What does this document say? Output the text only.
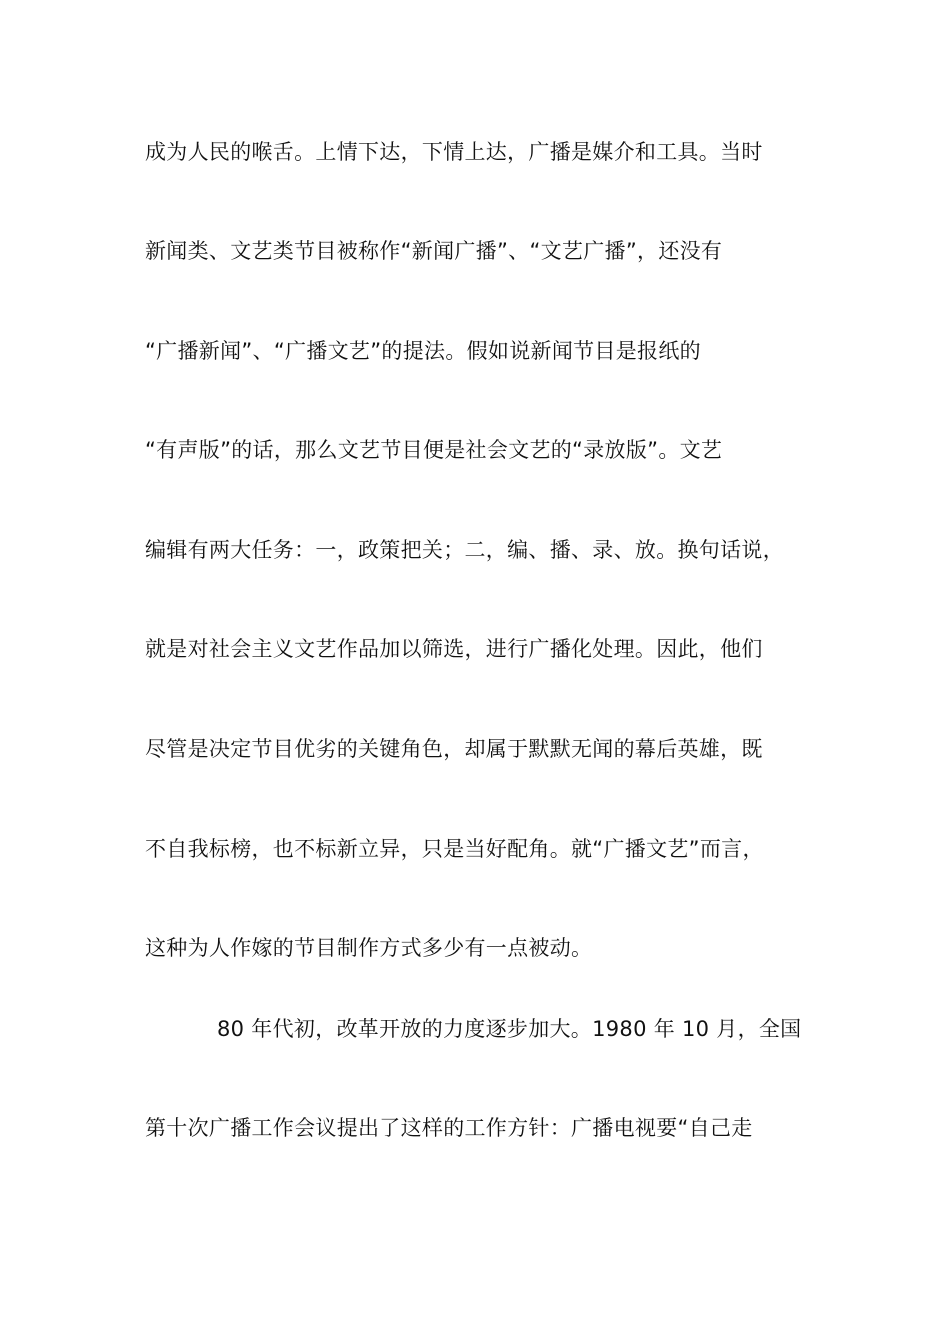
成为人民的喉舌。上情下达，下情上达，广播是媒介和工具。当时
新闻类、文艺类节目被称作“新闻广播”、“文艺广播”，还没有
“广播新闻”、“广播文艺”的提法。假如说新闻节目是报纸的
“有声版”的话，那么文艺节目便是社会文艺的“录放版”。文艺
编辑有两大任务：一，政策把关；二，编、播、录、放。换句话说，
就是对社会主义文艺作品加以筛选，进行广播化处理。因此，他们
尽管是决定节目优劣的关键角色，却属于默默无闻的幕后英雄，既
不自我标榜，也不标新立异，只是当好配角。就“广播文艺”而言，
这种为人作嫁的节目制作方式多少有一点被动。
80 年代初，改革开放的力度逐步加大。1980 年 10 月，全国
第十次广播工作会议提出了这样的工作方针：广播电视要“自己走
